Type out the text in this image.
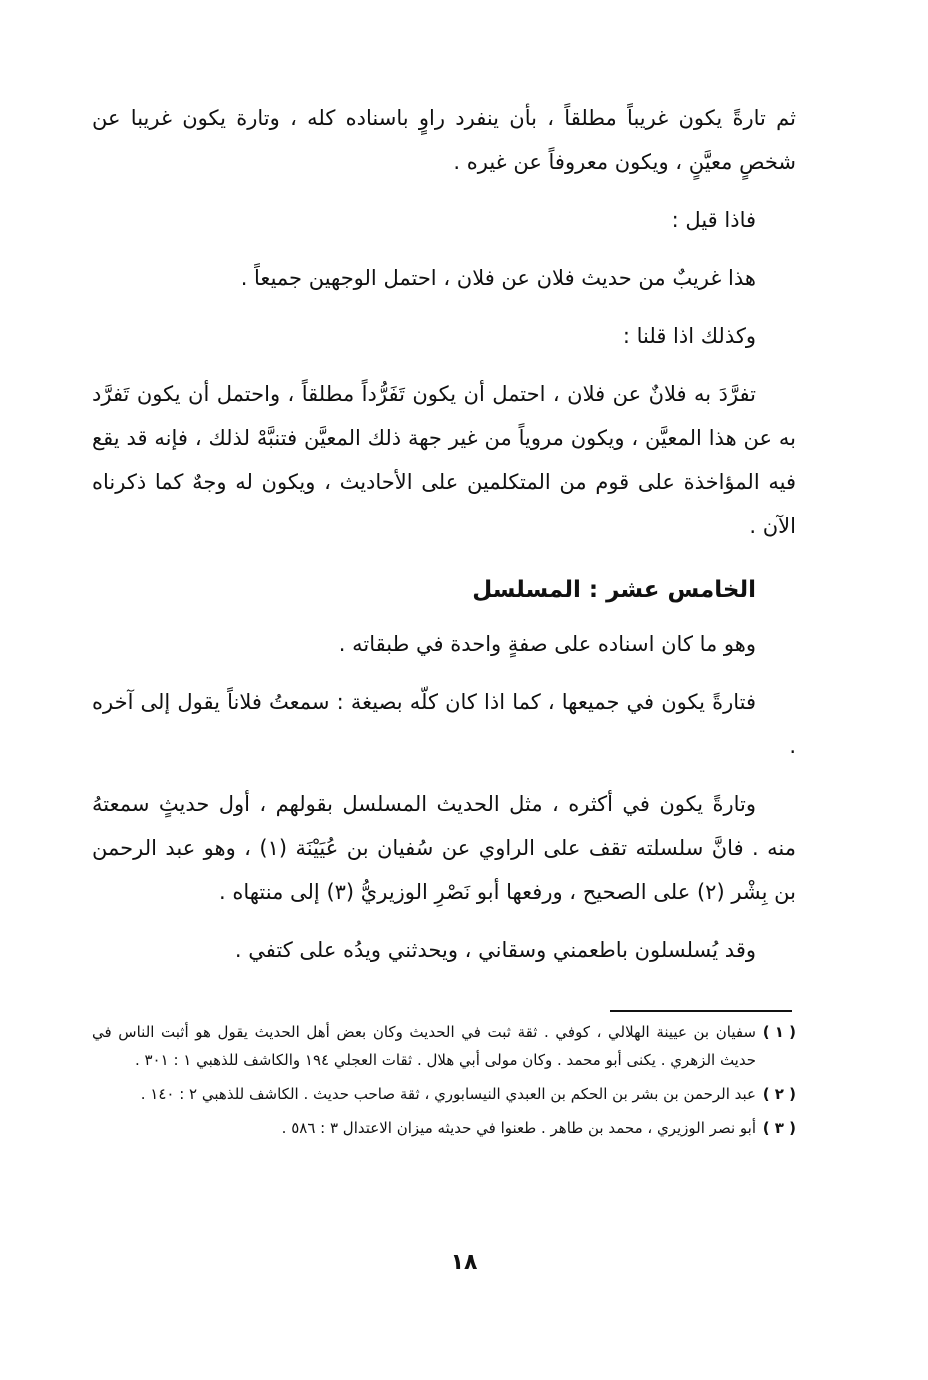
ثم تارةً يكون غريباً مطلقاً ، بأن ينفرد راوٍ باسناده كله ، وتارة يكون غريبا عن شخصٍ معيَّنٍ ، ويكون معروفاً عن غيره .

فاذا قيل :

هذا غريبٌ من حديث فلان عن فلان ، احتمل الوجهين جميعاً .

وكذلك اذا قلنا :

تفرَّدَ به فلانٌ عن فلان ، احتمل أن يكون تَفَرُّداً مطلقاً ، واحتمل أن يكون تَفرَّد به عن هذا المعيَّن ، ويكون مروياً من غير جهة ذلك المعيَّن فتنبَّهْ لذلك ، فإنه قد يقع فيه المؤاخذة على قوم من المتكلمين على الأحاديث ، ويكون له وجهٌ كما ذكرناه الآن .

الخامس عشر : المسلسل

وهو ما كان اسناده على صفةٍ واحدة في طبقاته .

فتارةً يكون في جميعها ، كما اذا كان كلّه بصيغة : سمعتُ فلاناً يقول إلى آخره .

وتارةً يكون في أكثره ، مثل الحديث المسلسل بقولهم ، أول حديثٍ سمعتهُ منه . فانَّ سلسلته تقف على الراوي عن سُفيان بن عُيَيْنَة (١) ، وهو عبد الرحمن بن بِشْر (٢) على الصحيح ، ورفعها أبو نَصْرِ الوزيريُّ (٣) إلى منتهاه .

وقد يُسلسلون باطعمني وسقاني ، ويحدثني ويدُه على كتفي .

( ١ )
سفيان بن عيينة الهلالي ، كوفي . ثقة ثبت في الحديث وكان بعض أهل الحديث يقول هو أثبت الناس في حديث الزهري . يكنى أبو محمد . وكان مولى أبي هلال . ثقات العجلي ١٩٤ والكاشف للذهبي ١ : ٣٠١ .
( ٢ )
عبد الرحمن بن بشر بن الحكم بن العبدي النيسابوري ، ثقة صاحب حديث . الكاشف للذهبي ٢ : ١٤٠ .
( ٣ )
أبو نصر الوزيري ، محمد بن طاهر . طعنوا في حديثه ميزان الاعتدال ٣ : ٥٨٦ .
١٨
